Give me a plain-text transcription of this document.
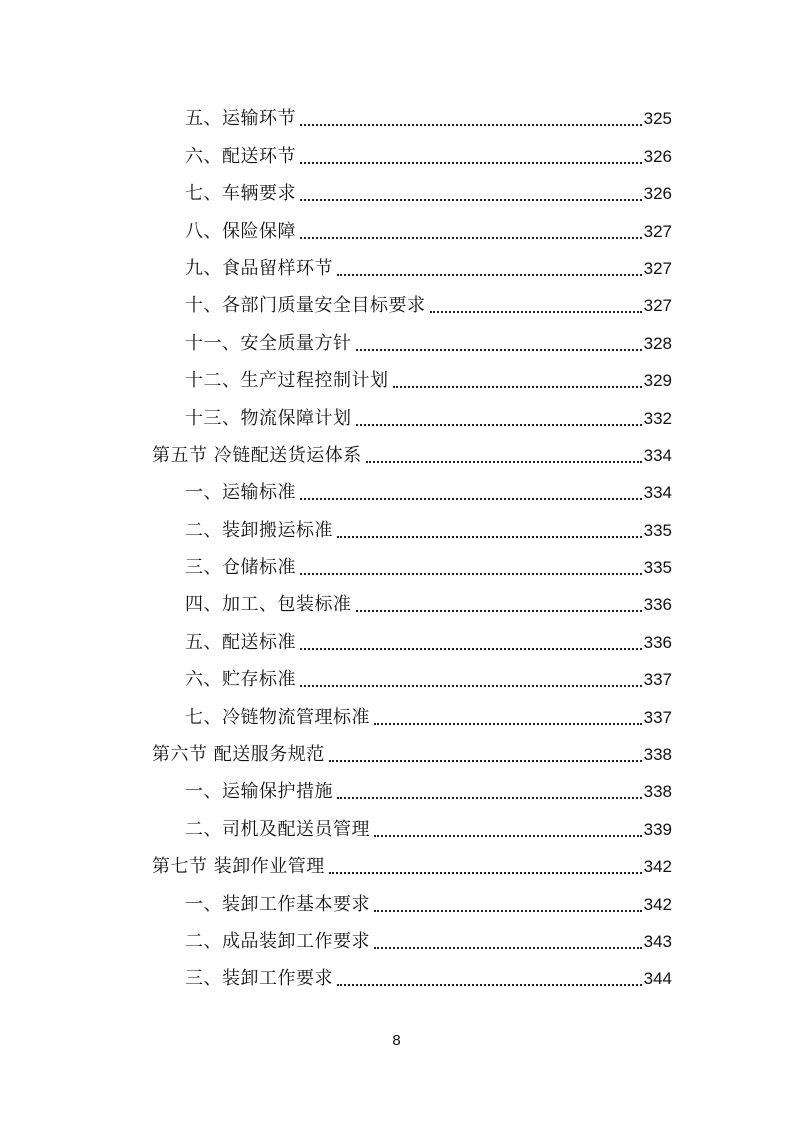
五、运输环节	325
六、配送环节	326
七、车辆要求	326
八、保险保障	327
九、食品留样环节	327
十、各部门质量安全目标要求	327
十一、安全质量方针	328
十二、生产过程控制计划	329
十三、物流保障计划	332
第五节 冷链配送货运体系	334
一、运输标准	334
二、装卸搬运标准	335
三、仓储标准	335
四、加工、包装标准	336
五、配送标准	336
六、贮存标准	337
七、冷链物流管理标准	337
第六节 配送服务规范	338
一、运输保护措施	338
二、司机及配送员管理	339
第七节 装卸作业管理	342
一、装卸工作基本要求	342
二、成品装卸工作要求	343
三、装卸工作要求	344
8
